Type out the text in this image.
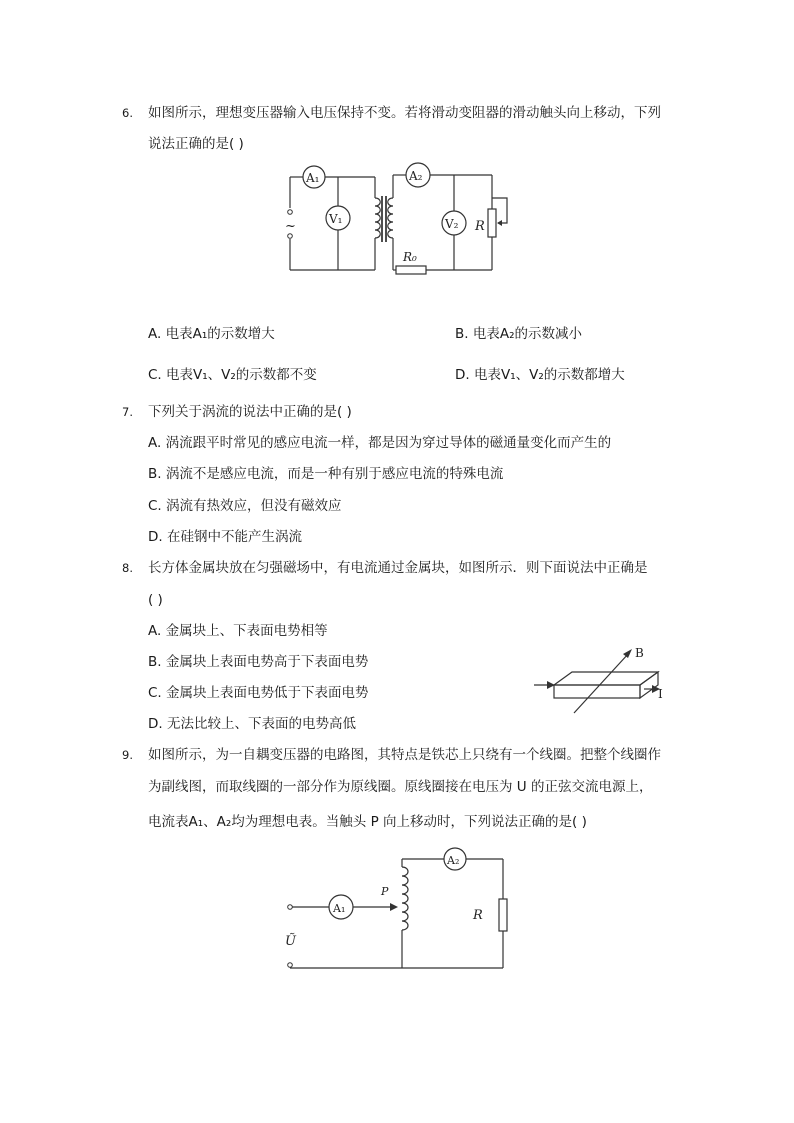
6. 如图所示，理想变压器输入电压保持不变。若将滑动变阻器的滑动触头向上移动，下列
说法正确的是( )
A₁
~	V₁
A₂
R₀
V₂ R
A. 电表A₁的示数增大	B. 电表A₂的示数减小
C. 电表V₁、V₂的示数都不变	D. 电表V₁、V₂的示数都增大
7. 下列关于涡流的说法中正确的是( )
A. 涡流跟平时常见的感应电流一样，都是因为穿过导体的磁通量变化而产生的
B. 涡流不是感应电流，而是一种有别于感应电流的特殊电流
C. 涡流有热效应，但没有磁效应
D. 在硅钢中不能产生涡流
8. 长方体金属块放在匀强磁场中，有电流通过金属块，如图所示．则下面说法中正确是
( )
A. 金属块上、下表面电势相等
B. 金属块上表面电势高于下表面电势
C. 金属块上表面电势低于下表面电势
D. 无法比较上、下表面的电势高低
B
I
9. 如图所示，为一自耦变压器的电路图，其特点是铁芯上只绕有一个线圈。把整个线圈作
为副线图，而取线圈的一部分作为原线圈。原线圈接在电压为 U 的正弦交流电源上，
电流表A₁、A₂均为理想电表。当触头 P 向上移动时，下列说法正确的是( )
A₂
R
Ũ
A₁
P
